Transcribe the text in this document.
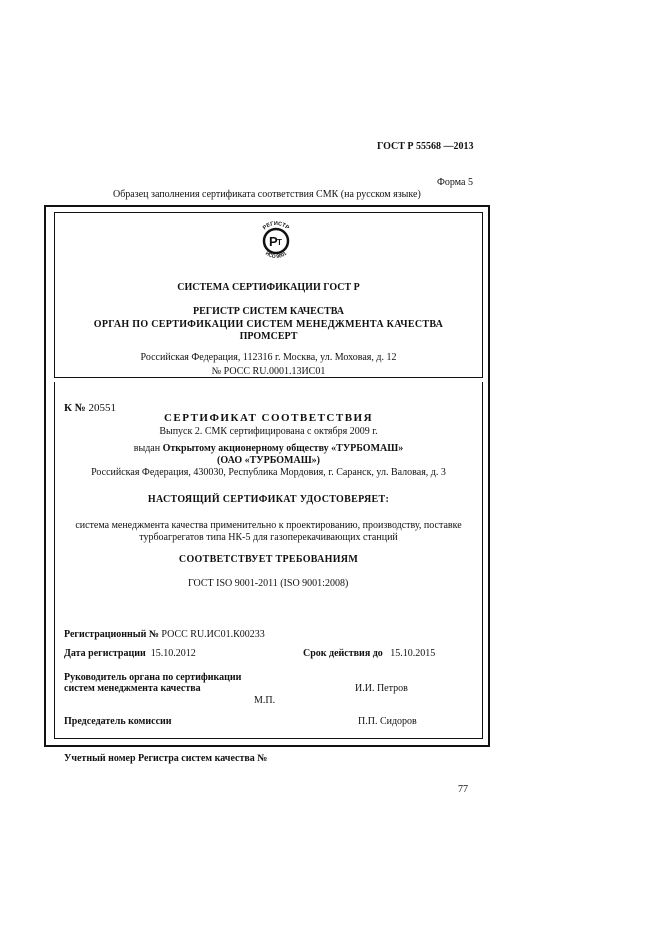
ГОСТ Р 55568 —2013
Форма 5
Образец заполнения сертификата соответствия СМК (на русском языке)
Р Т
РЕГИСТР
ИСО 9001
СИСТЕМА СЕРТИФИКАЦИИ ГОСТ Р
РЕГИСТР СИСТЕМ КАЧЕСТВА
ОРГАН ПО СЕРТИФИКАЦИИ СИСТЕМ МЕНЕДЖМЕНТА КАЧЕСТВА
ПРОМСЕРТ
Российская Федерация, 112316 г. Москва, ул. Моховая, д. 12
№ РОСС RU.0001.13ИС01
К № 20551
СЕРТИФИКАТ СООТВЕТСТВИЯ
Выпуск 2. СМК сертифицирована с октября 2009 г.
выдан Открытому акционерному обществу «ТУРБОМАШ»
(ОАО «ТУРБОМАШ»)
Российская Федерация, 430030, Республика Мордовия, г. Саранск, ул. Валовая, д. 3
НАСТОЯЩИЙ СЕРТИФИКАТ УДОСТОВЕРЯЕТ:
система менеджмента качества применительно к проектированию, производству, поставке
турбоагрегатов типа НК-5 для газоперекачивающих станций
СООТВЕТСТВУЕТ ТРЕБОВАНИЯМ
ГОСТ ISO 9001-2011 (ISO 9001:2008)
Регистрационный № РОСС RU.ИС01.К00233
Дата регистрации 15.10.2012	Срок действия до 15.10.2015
Руководитель органа по сертификации
систем менеджмента качества	И.И. Петров
М.П.
Председатель комиссии	П.П. Сидоров
Учетный номер Регистра систем качества №
77
